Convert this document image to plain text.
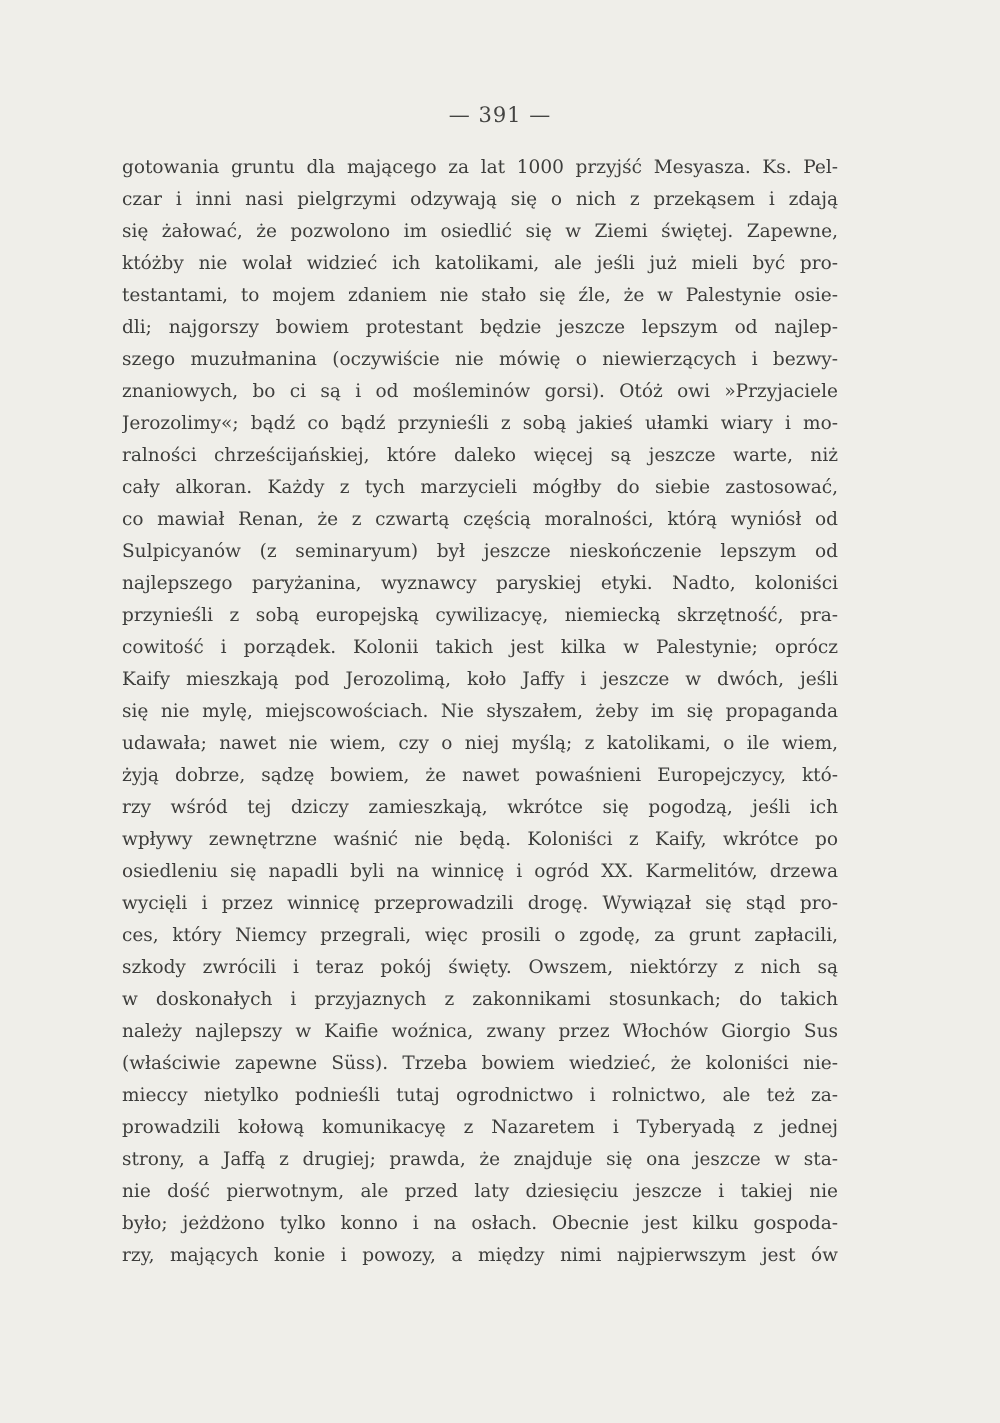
— 391 —
gotowania gruntu dla mającego za lat 1000 przyjść Mesyasza. Ks. Pel-
czar i inni nasi pielgrzymi odzywają się o nich z przekąsem i zdają
się żałować, że pozwolono im osiedlić się w Ziemi świętej. Zapewne,
któżby nie wolał widzieć ich katolikami, ale jeśli już mieli być pro-
testantami, to mojem zdaniem nie stało się źle, że w Palestynie osie-
dli; najgorszy bowiem protestant będzie jeszcze lepszym od najlep-
szego muzułmanina (oczywiście nie mówię o niewierzących i bezwy-
znaniowych, bo ci są i od mośleminów gorsi). Otóż owi »Przyjaciele
Jerozolimy«; bądź co bądź przynieśli z sobą jakieś ułamki wiary i mo-
ralności chrześcijańskiej, które daleko więcej są jeszcze warte, niż
cały alkoran. Każdy z tych marzycieli mógłby do siebie zastosować,
co mawiał Renan, że z czwartą częścią moralności, którą wyniósł od
Sulpicyanów (z seminaryum) był jeszcze nieskończenie lepszym od
najlepszego paryżanina, wyznawcy paryskiej etyki. Nadto, koloniści
przynieśli z sobą europejską cywilizacyę, niemiecką skrzętność, pra-
cowitość i porządek. Kolonii takich jest kilka w Palestynie; oprócz
Kaify mieszkają pod Jerozolimą, koło Jaffy i jeszcze w dwóch, jeśli
się nie mylę, miejscowościach. Nie słyszałem, żeby im się propaganda
udawała; nawet nie wiem, czy o niej myślą; z katolikami, o ile wiem,
żyją dobrze, sądzę bowiem, że nawet powaśnieni Europejczycy, któ-
rzy wśród tej dziczy zamieszkają, wkrótce się pogodzą, jeśli ich
wpływy zewnętrzne waśnić nie będą. Koloniści z Kaify, wkrótce po
osiedleniu się napadli byli na winnicę i ogród XX. Karmelitów, drzewa
wycięli i przez winnicę przeprowadzili drogę. Wywiązał się stąd pro-
ces, który Niemcy przegrali, więc prosili o zgodę, za grunt zapłacili,
szkody zwrócili i teraz pokój święty. Owszem, niektórzy z nich są
w doskonałych i przyjaznych z zakonnikami stosunkach; do takich
należy najlepszy w Kaifie woźnica, zwany przez Włochów Giorgio Sus
(właściwie zapewne Süss). Trzeba bowiem wiedzieć, że koloniści nie-
mieccy nietylko podnieśli tutaj ogrodnictwo i rolnictwo, ale też za-
prowadzili kołową komunikacyę z Nazaretem i Tyberyadą z jednej
strony, a Jaffą z drugiej; prawda, że znajduje się ona jeszcze w sta-
nie dość pierwotnym, ale przed laty dziesięciu jeszcze i takiej nie
było; jeżdżono tylko konno i na osłach. Obecnie jest kilku gospoda-
rzy, mających konie i powozy, a między nimi najpierwszym jest ów
